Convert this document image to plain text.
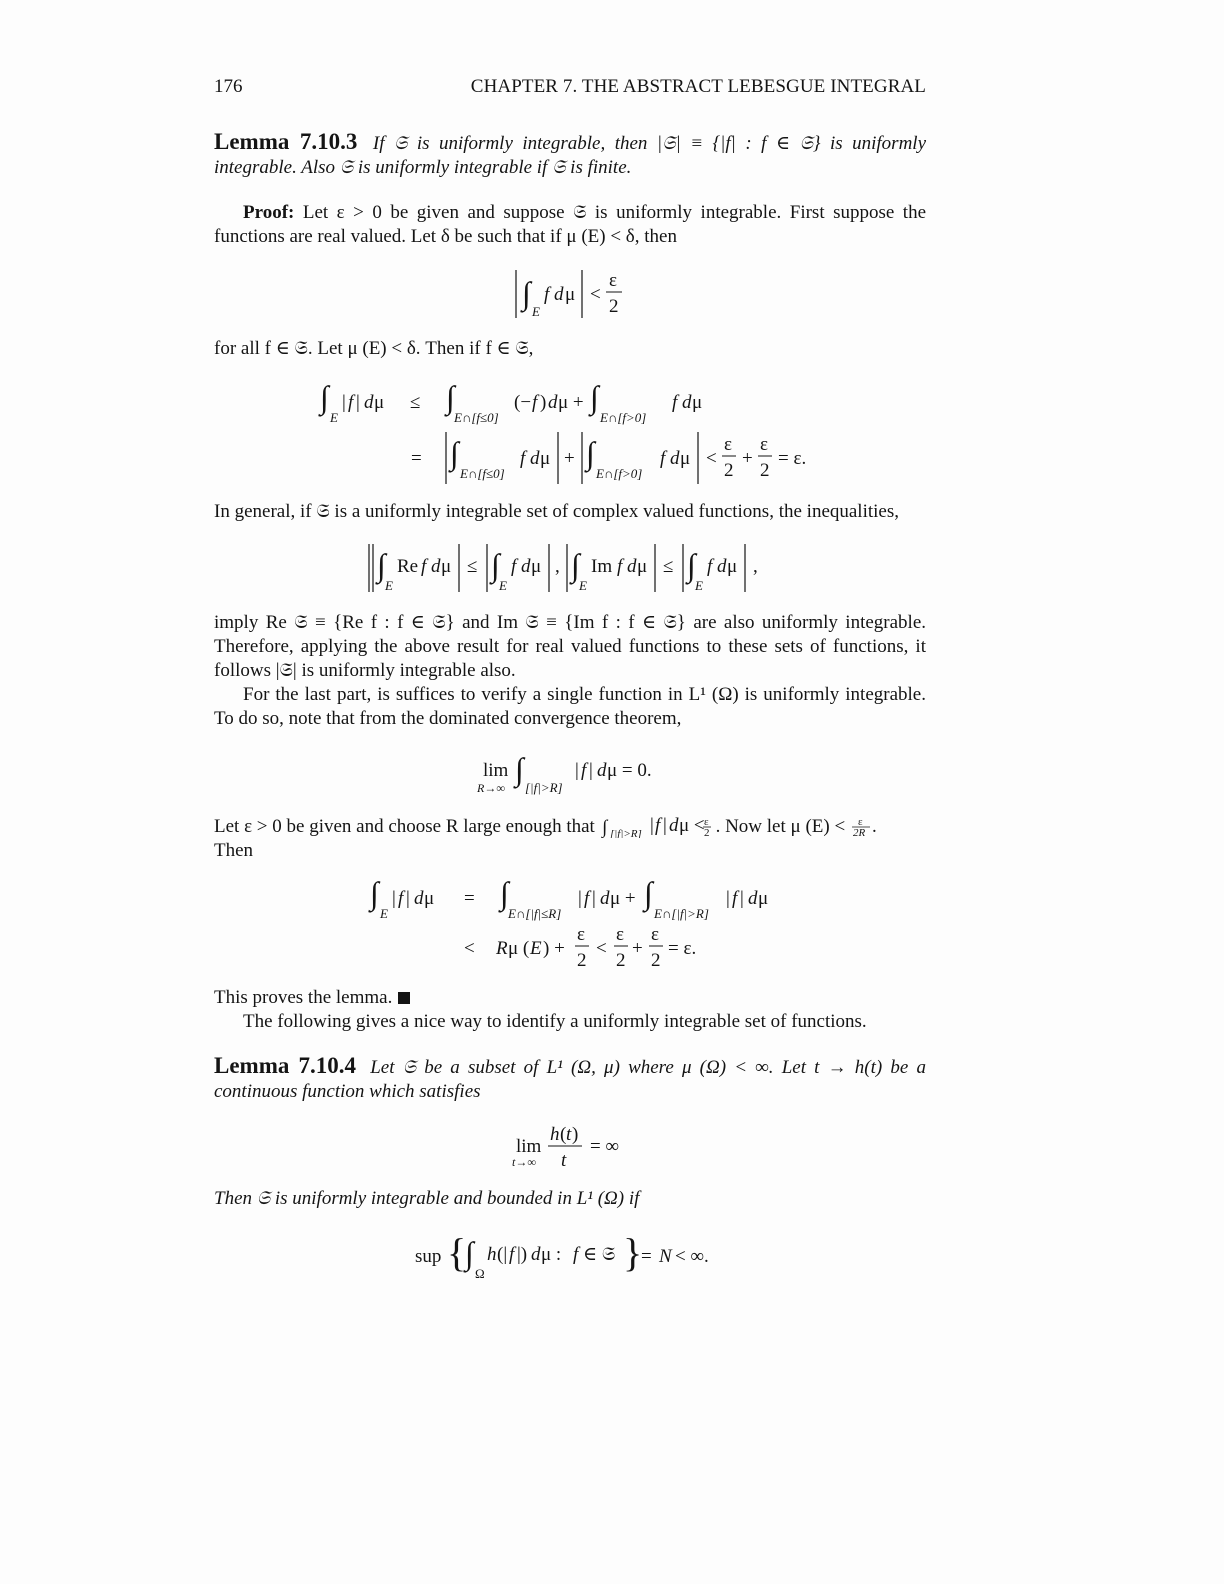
176	CHAPTER 7. THE ABSTRACT LEBESGUE INTEGRAL
Lemma 7.10.3 If 𝔖 is uniformly integrable, then |𝔖| ≡ {|f| : f ∈ 𝔖} is uniformly integrable. Also 𝔖 is uniformly integrable if 𝔖 is finite.
Proof: Let ε > 0 be given and suppose 𝔖 is uniformly integrable. First suppose the functions are real valued. Let δ be such that if μ (E) < δ, then
∫
E
f d μ <
ε
2
for all f ∈ 𝔖. Let μ (E) < δ. Then if f ∈ 𝔖,
∫
E
| f | d μ ≤ ∫
E∩[f≤0]
(− f ) d μ + ∫
E∩[f>0]
f d μ
= ∫
E∩[f≤0]
f d μ + ∫
E∩[f>0]
f d μ <
ε
2
+
ε
2
= ε.
In general, if 𝔖 is a uniformly integrable set of complex valued functions, the inequalities,
∫
E
Re f d μ ≤ ∫
E
f d μ , ∫
E
Im f d μ ≤ ∫
E
f d μ ,
imply Re 𝔖 ≡ {Re f : f ∈ 𝔖} and Im 𝔖 ≡ {Im f : f ∈ 𝔖} are also uniformly integrable. Therefore, applying the above result for real valued functions to these sets of functions, it follows |𝔖| is uniformly integrable also.
For the last part, is suffices to verify a single function in L¹ (Ω) is uniformly integrable. To do so, note that from the dominated convergence theorem,
lim
R→∞
∫
[|f|>R]
| f | d μ = 0.
Let ε > 0 be given and choose R large enough that ∫ [|f|>R] | f | d μ < ε
2 . Now let μ (E) < ε
2R .
Then
∫
E
| f | d μ = ∫
E∩[|f|≤R]
| f | d μ + ∫
E∩[|f|>R]
| f | d μ
< R μ ( E ) +
ε
2
<
ε
2
+
ε
2
= ε.
This proves the lemma.
The following gives a nice way to identify a uniformly integrable set of functions.
Lemma 7.10.4 Let 𝔖 be a subset of L¹ (Ω, μ) where μ (Ω) < ∞. Let t → h(t) be a continuous function which satisfies
lim
t→∞
h ( t )
t
= ∞
Then 𝔖 is uniformly integrable and bounded in L¹ (Ω) if
sup {
∫
Ω
h (| f |) d μ : f ∈ 𝔖 }
= N < ∞.
